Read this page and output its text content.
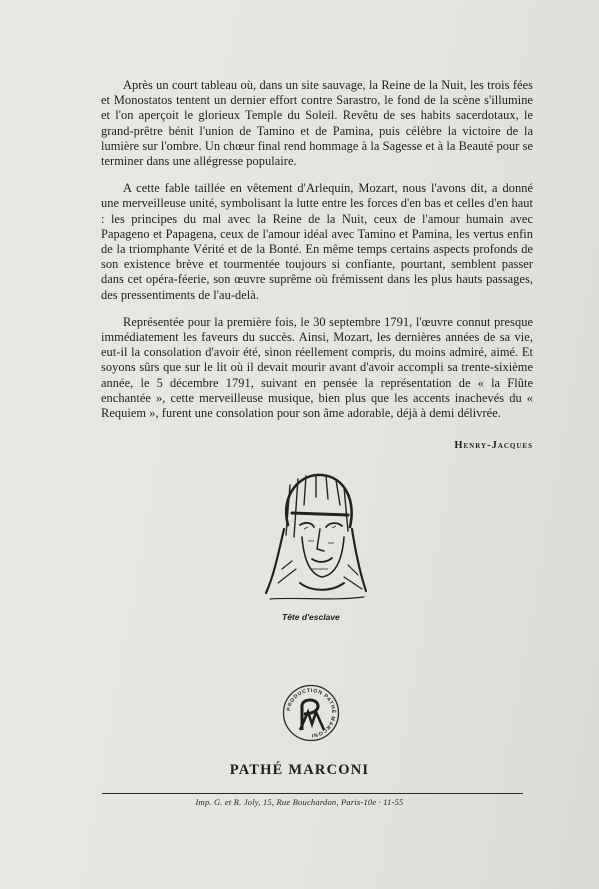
Après un court tableau où, dans un site sauvage, la Reine de la Nuit, les trois fées et Monostatos tentent un dernier effort contre Sarastro, le fond de la scène s'illumine et l'on aperçoit le glorieux Temple du Soleil. Revêtu de ses habits sacerdotaux, le grand-prêtre bénit l'union de Tamino et de Pamina, puis célèbre la victoire de la lumière sur l'ombre. Un chœur final rend hommage à la Sagesse et à la Beauté pour se terminer dans une allégresse populaire.

A cette fable taillée en vêtement d'Arlequin, Mozart, nous l'avons dit, a donné une merveilleuse unité, symbolisant la lutte entre les forces d'en bas et celles d'en haut : les principes du mal avec la Reine de la Nuit, ceux de l'amour humain avec Papageno et Papagena, ceux de l'amour idéal avec Tamino et Pamina, les vertus enfin de la triomphante Vérité et de la Bonté. En même temps certains aspects profonds de son existence brève et tourmentée toujours si confiante, pourtant, semblent passer dans cet opéra-féerie, son œuvre suprême où frémissent dans les plus hauts passages, des pressentiments de l'au-delà.

Représentée pour la première fois, le 30 septembre 1791, l'œuvre connut presque immédiatement les faveurs du succès. Ainsi, Mozart, les dernières années de sa vie, eut-il la consolation d'avoir été, sinon réellement compris, du moins admiré, aimé. Et soyons sûrs que sur le lit où il devait mourir avant d'avoir accompli sa trente-sixième année, le 5 décembre 1791, suivant en pensée la représentation de « la Flûte enchantée », cette merveilleuse musique, bien plus que les accents inachevés du « Requiem », furent une consolation pour son âme adorable, déjà à demi délivrée.

Henry-Jacques
Tête d'esclave
PRODUCTION PATHÉ MARCONI
PATHÉ MARCONI
Imp. G. et R. Joly, 15, Rue Bouchardon, Paris-10e · 11-55
